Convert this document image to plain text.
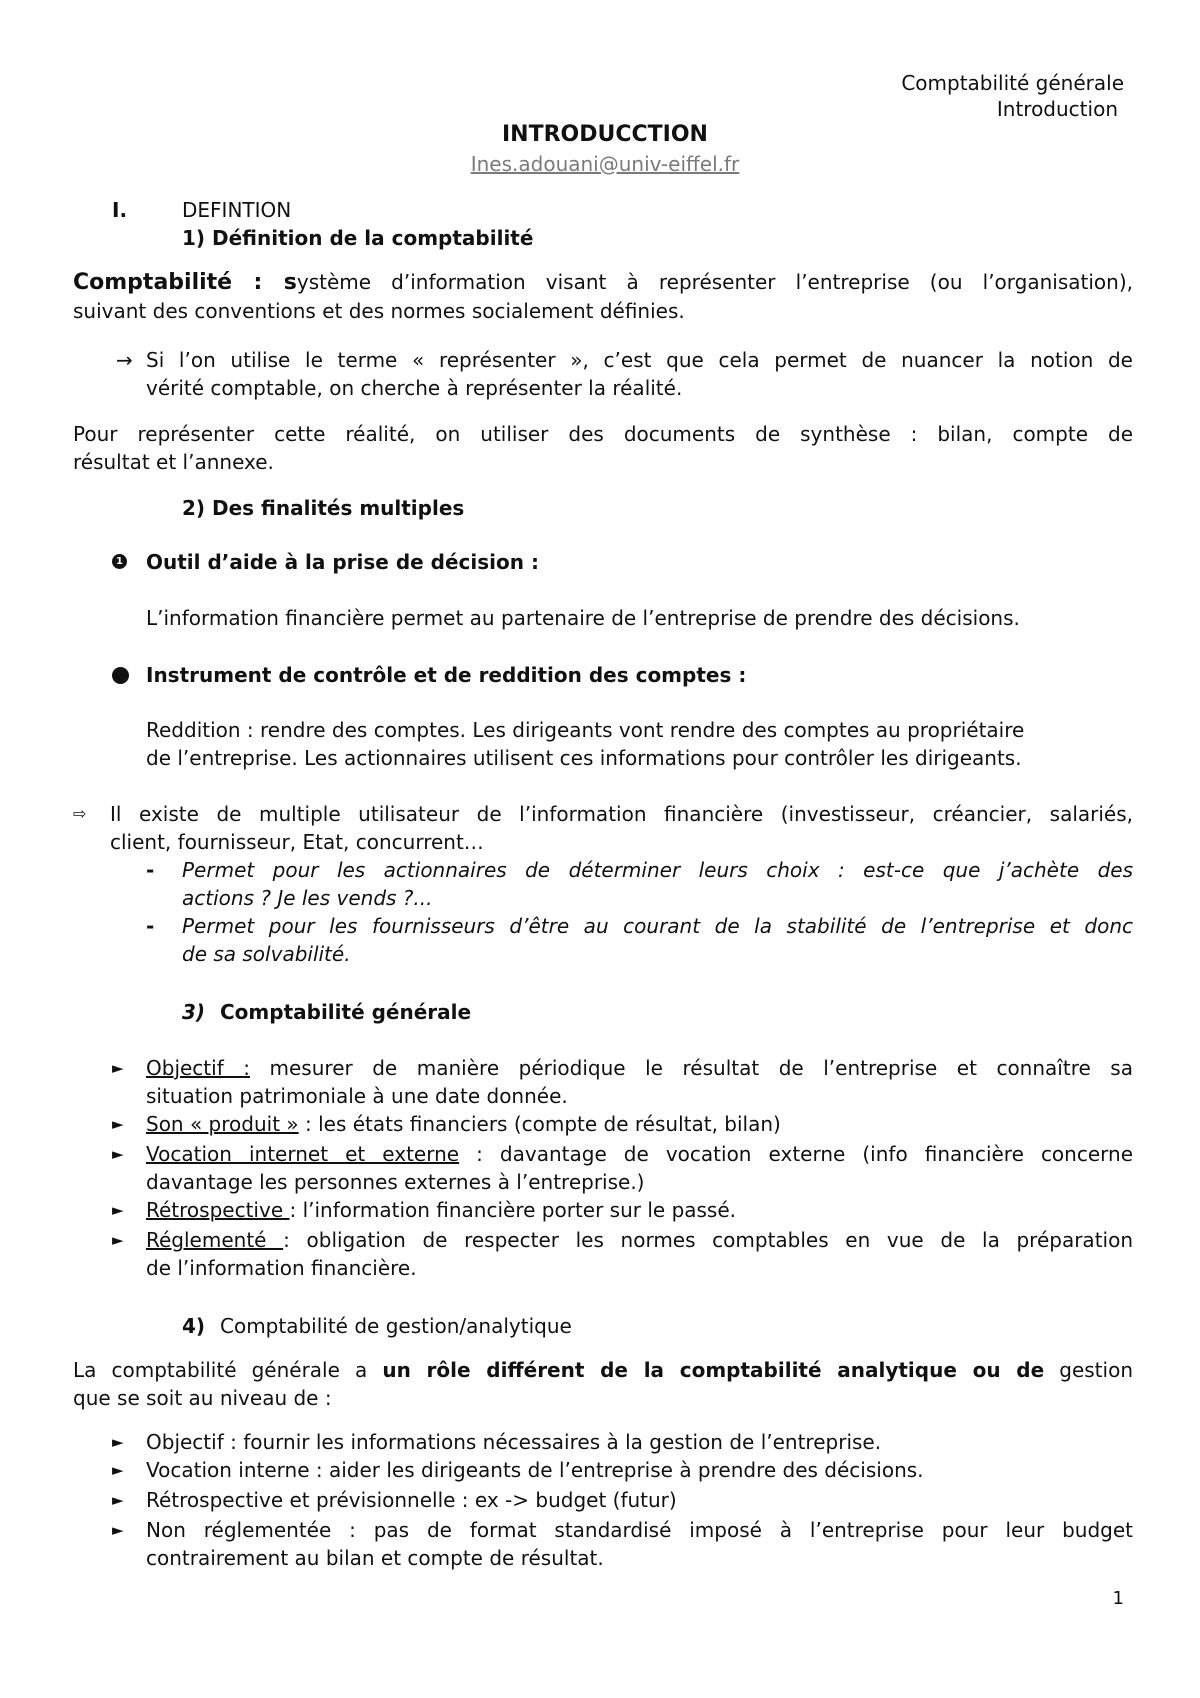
Comptabilité générale
Introduction
INTRODUCCTION
Ines.adouani@univ-eiffel.fr
I.	DEFINTION
1) Définition de la comptabilité
Comptabilité : système d’information visant à représenter l’entreprise (ou l’organisation),
suivant des conventions et des normes socialement définies.
→ Si l’on utilise le terme « représenter », c’est que cela permet de nuancer la notion de
vérité comptable, on cherche à représenter la réalité.
Pour représenter cette réalité, on utiliser des documents de synthèse : bilan, compte de
résultat et l’annexe.
2) Des finalités multiples
1 Outil d’aide à la prise de décision :
L’information financière permet au partenaire de l’entreprise de prendre des décisions.
Instrument de contrôle et de reddition des comptes :
Reddition : rendre des comptes. Les dirigeants vont rendre des comptes au propriétaire
de l’entreprise. Les actionnaires utilisent ces informations pour contrôler les dirigeants.
⇨ Il existe de multiple utilisateur de l’information financière (investisseur, créancier, salariés,
client, fournisseur, Etat, concurrent…
- Permet pour les actionnaires de déterminer leurs choix : est-ce que j’achète des
actions ? Je les vends ?...
- Permet pour les fournisseurs d’être au courant de la stabilité de l’entreprise et donc
de sa solvabilité.
3) Comptabilité générale
► Objectif : mesurer de manière périodique le résultat de l’entreprise et connaître sa
situation patrimoniale à une date donnée.
► Son « produit » : les états financiers (compte de résultat, bilan)
► Vocation internet et externe : davantage de vocation externe (info financière concerne
davantage les personnes externes à l’entreprise.)
► Rétrospective : l’information financière porter sur le passé.
► Réglementé : obligation de respecter les normes comptables en vue de la préparation
de l’information financière.
4) Comptabilité de gestion/analytique
La comptabilité générale a un rôle différent de la comptabilité analytique ou de gestion
que se soit au niveau de :
► Objectif : fournir les informations nécessaires à la gestion de l’entreprise.
► Vocation interne : aider les dirigeants de l’entreprise à prendre des décisions.
► Rétrospective et prévisionnelle : ex -> budget (futur)
► Non réglementée : pas de format standardisé imposé à l’entreprise pour leur budget
contrairement au bilan et compte de résultat.
1
